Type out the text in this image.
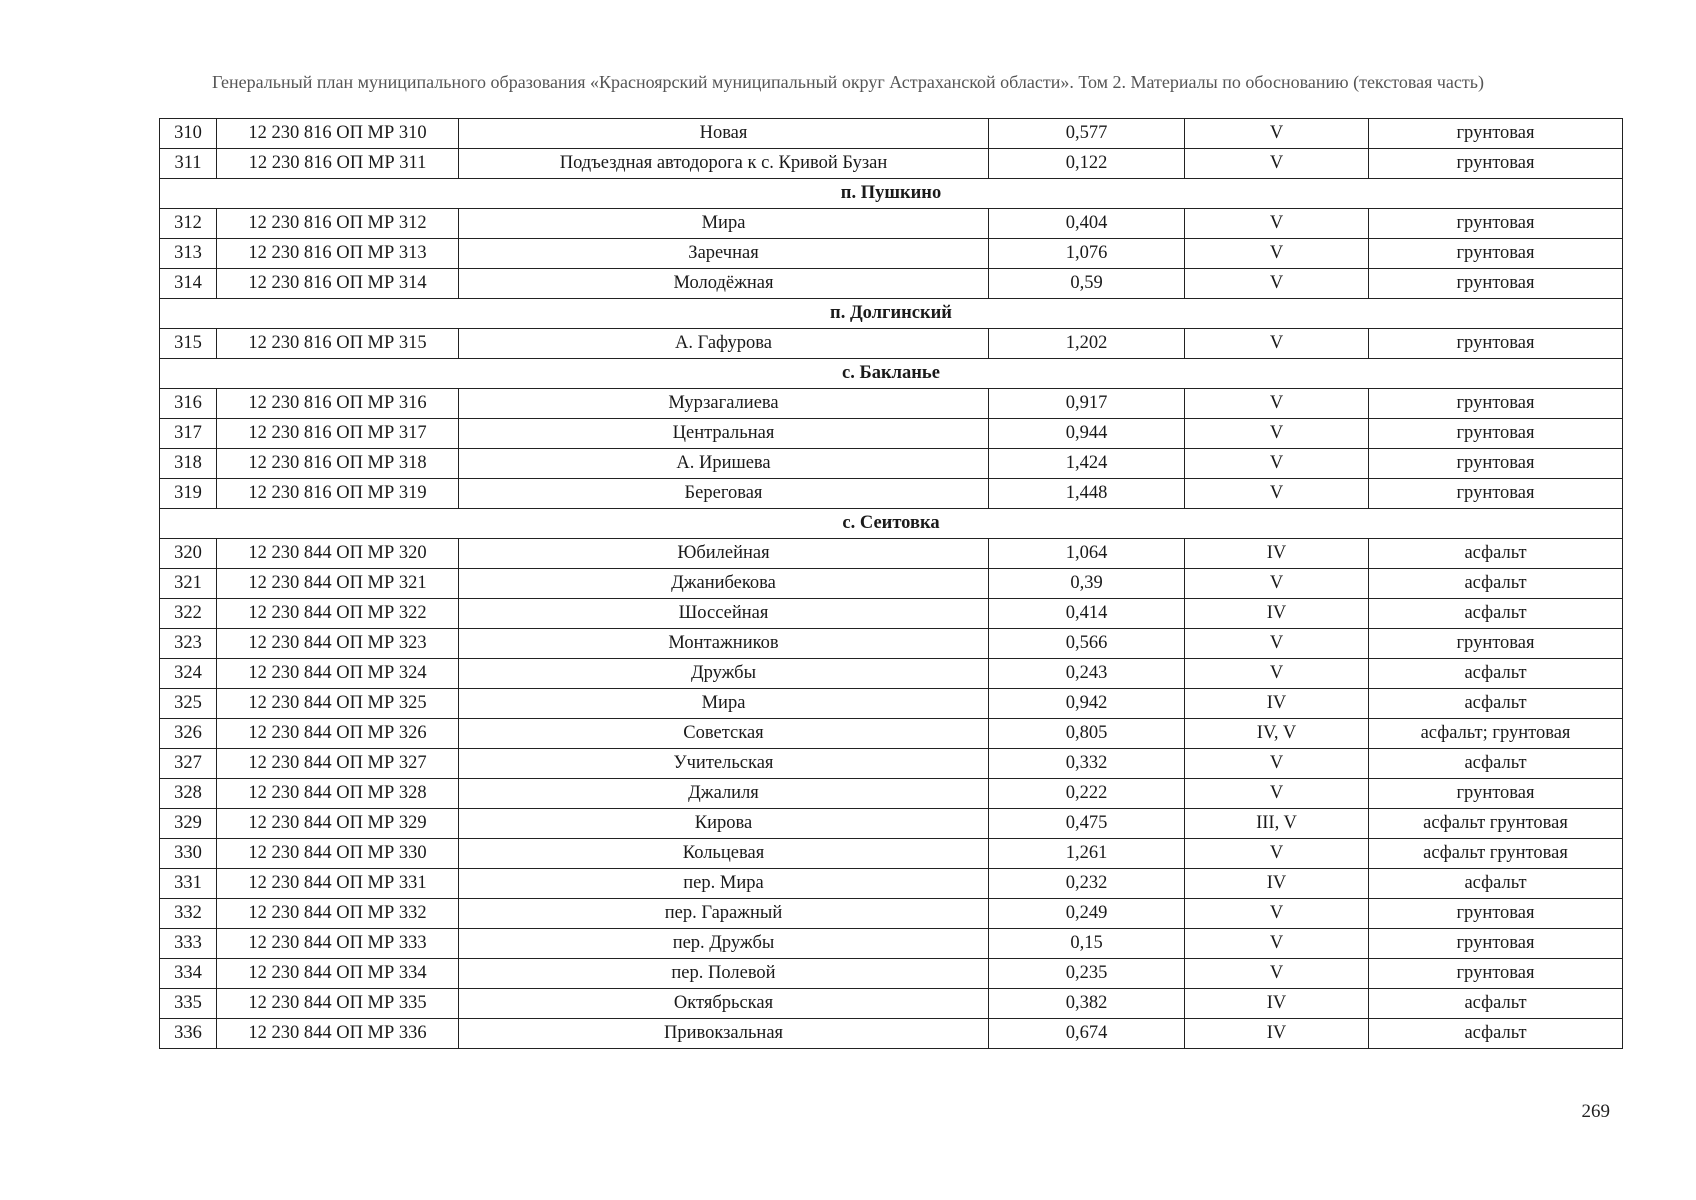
Генеральный план муниципального образования «Красноярский муниципальный округ Астраханской области». Том 2. Материалы по обоснованию (текстовая часть)
310	12 230 816 ОП МР 310	Новая	0,577	V	грунтовая
311	12 230 816 ОП МР 311	Подъездная автодорога к с. Кривой Бузан	0,122	V	грунтовая
п. Пушкино					
312	12 230 816 ОП МР 312	Мира	0,404	V	грунтовая
313	12 230 816 ОП МР 313	Заречная	1,076	V	грунтовая
314	12 230 816 ОП МР 314	Молодёжная	0,59	V	грунтовая
п. Долгинский					
315	12 230 816 ОП МР 315	А. Гафурова	1,202	V	грунтовая
с. Бакланье					
316	12 230 816 ОП МР 316	Мурзагалиева	0,917	V	грунтовая
317	12 230 816 ОП МР 317	Центральная	0,944	V	грунтовая
318	12 230 816 ОП МР 318	А. Иришева	1,424	V	грунтовая
319	12 230 816 ОП МР 319	Береговая	1,448	V	грунтовая
с. Сеитовка					
320	12 230 844 ОП МР 320	Юбилейная	1,064	IV	асфальт
321	12 230 844 ОП МР 321	Джанибекова	0,39	V	асфальт
322	12 230 844 ОП МР 322	Шоссейная	0,414	IV	асфальт
323	12 230 844 ОП МР 323	Монтажников	0,566	V	грунтовая
324	12 230 844 ОП МР 324	Дружбы	0,243	V	асфальт
325	12 230 844 ОП МР 325	Мира	0,942	IV	асфальт
326	12 230 844 ОП МР 326	Советская	0,805	IV, V	асфальт; грунтовая
327	12 230 844 ОП МР 327	Учительская	0,332	V	асфальт
328	12 230 844 ОП МР 328	Джалиля	0,222	V	грунтовая
329	12 230 844 ОП МР 329	Кирова	0,475	III, V	асфальт грунтовая
330	12 230 844 ОП МР 330	Кольцевая	1,261	V	асфальт грунтовая
331	12 230 844 ОП МР 331	пер. Мира	0,232	IV	асфальт
332	12 230 844 ОП МР 332	пер. Гаражный	0,249	V	грунтовая
333	12 230 844 ОП МР 333	пер. Дружбы	0,15	V	грунтовая
334	12 230 844 ОП МР 334	пер. Полевой	0,235	V	грунтовая
335	12 230 844 ОП МР 335	Октябрьская	0,382	IV	асфальт
336	12 230 844 ОП МР 336	Привокзальная	0,674	IV	асфальт
269
